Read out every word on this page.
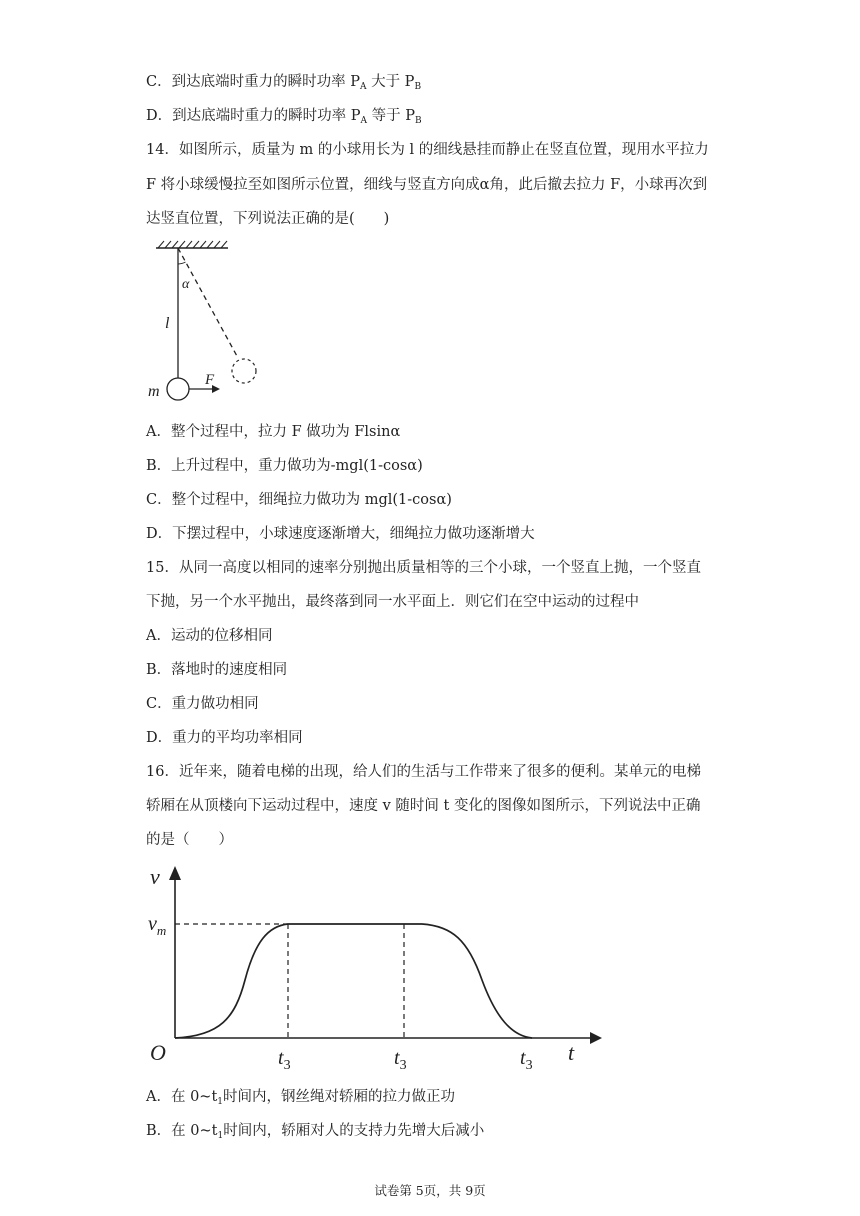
C．到达底端时重力的瞬时功率 $P_A$ 大于 $P_B$
D．到达底端时重力的瞬时功率 $P_A$ 等于 $P_B$
14．如图所示，质量为 m 的小球用长为 l 的细线悬挂而静止在竖直位置，现用水平拉力
F 将小球缓慢拉至如图所示位置，细线与竖直方向成α角，此后撤去拉力 F，小球再次到
达竖直位置，下列说法正确的是(　　)
α
l
m
F
A．整个过程中，拉力 F 做功为 Flsinα
B．上升过程中，重力做功为-mgl(1-cosα)
C．整个过程中，细绳拉力做功为 mgl(1-cosα)
D．下摆过程中，小球速度逐渐增大，细绳拉力做功逐渐增大
15．从同一高度以相同的速率分别抛出质量相等的三个小球，一个竖直上抛，一个竖直
下抛，另一个水平抛出，最终落到同一水平面上．则它们在空中运动的过程中
A．运动的位移相同
B．落地时的速度相同
C．重力做功相同
D．重力的平均功率相同
16．近年来，随着电梯的出现，给人们的生活与工作带来了很多的便利。某单元的电梯
轿厢在从顶楼向下运动过程中，速度 v 随时间 t 变化的图像如图所示，下列说法中正确
的是（　　）
v
$v_m$
O	t
$t_3$	$t_3$	$t_3$
A．在 $0\sim t_1$时间内，钢丝绳对轿厢的拉力做正功
B．在 $0\sim t_1$时间内，轿厢对人的支持力先增大后减小
试卷第 5页，共 9页
